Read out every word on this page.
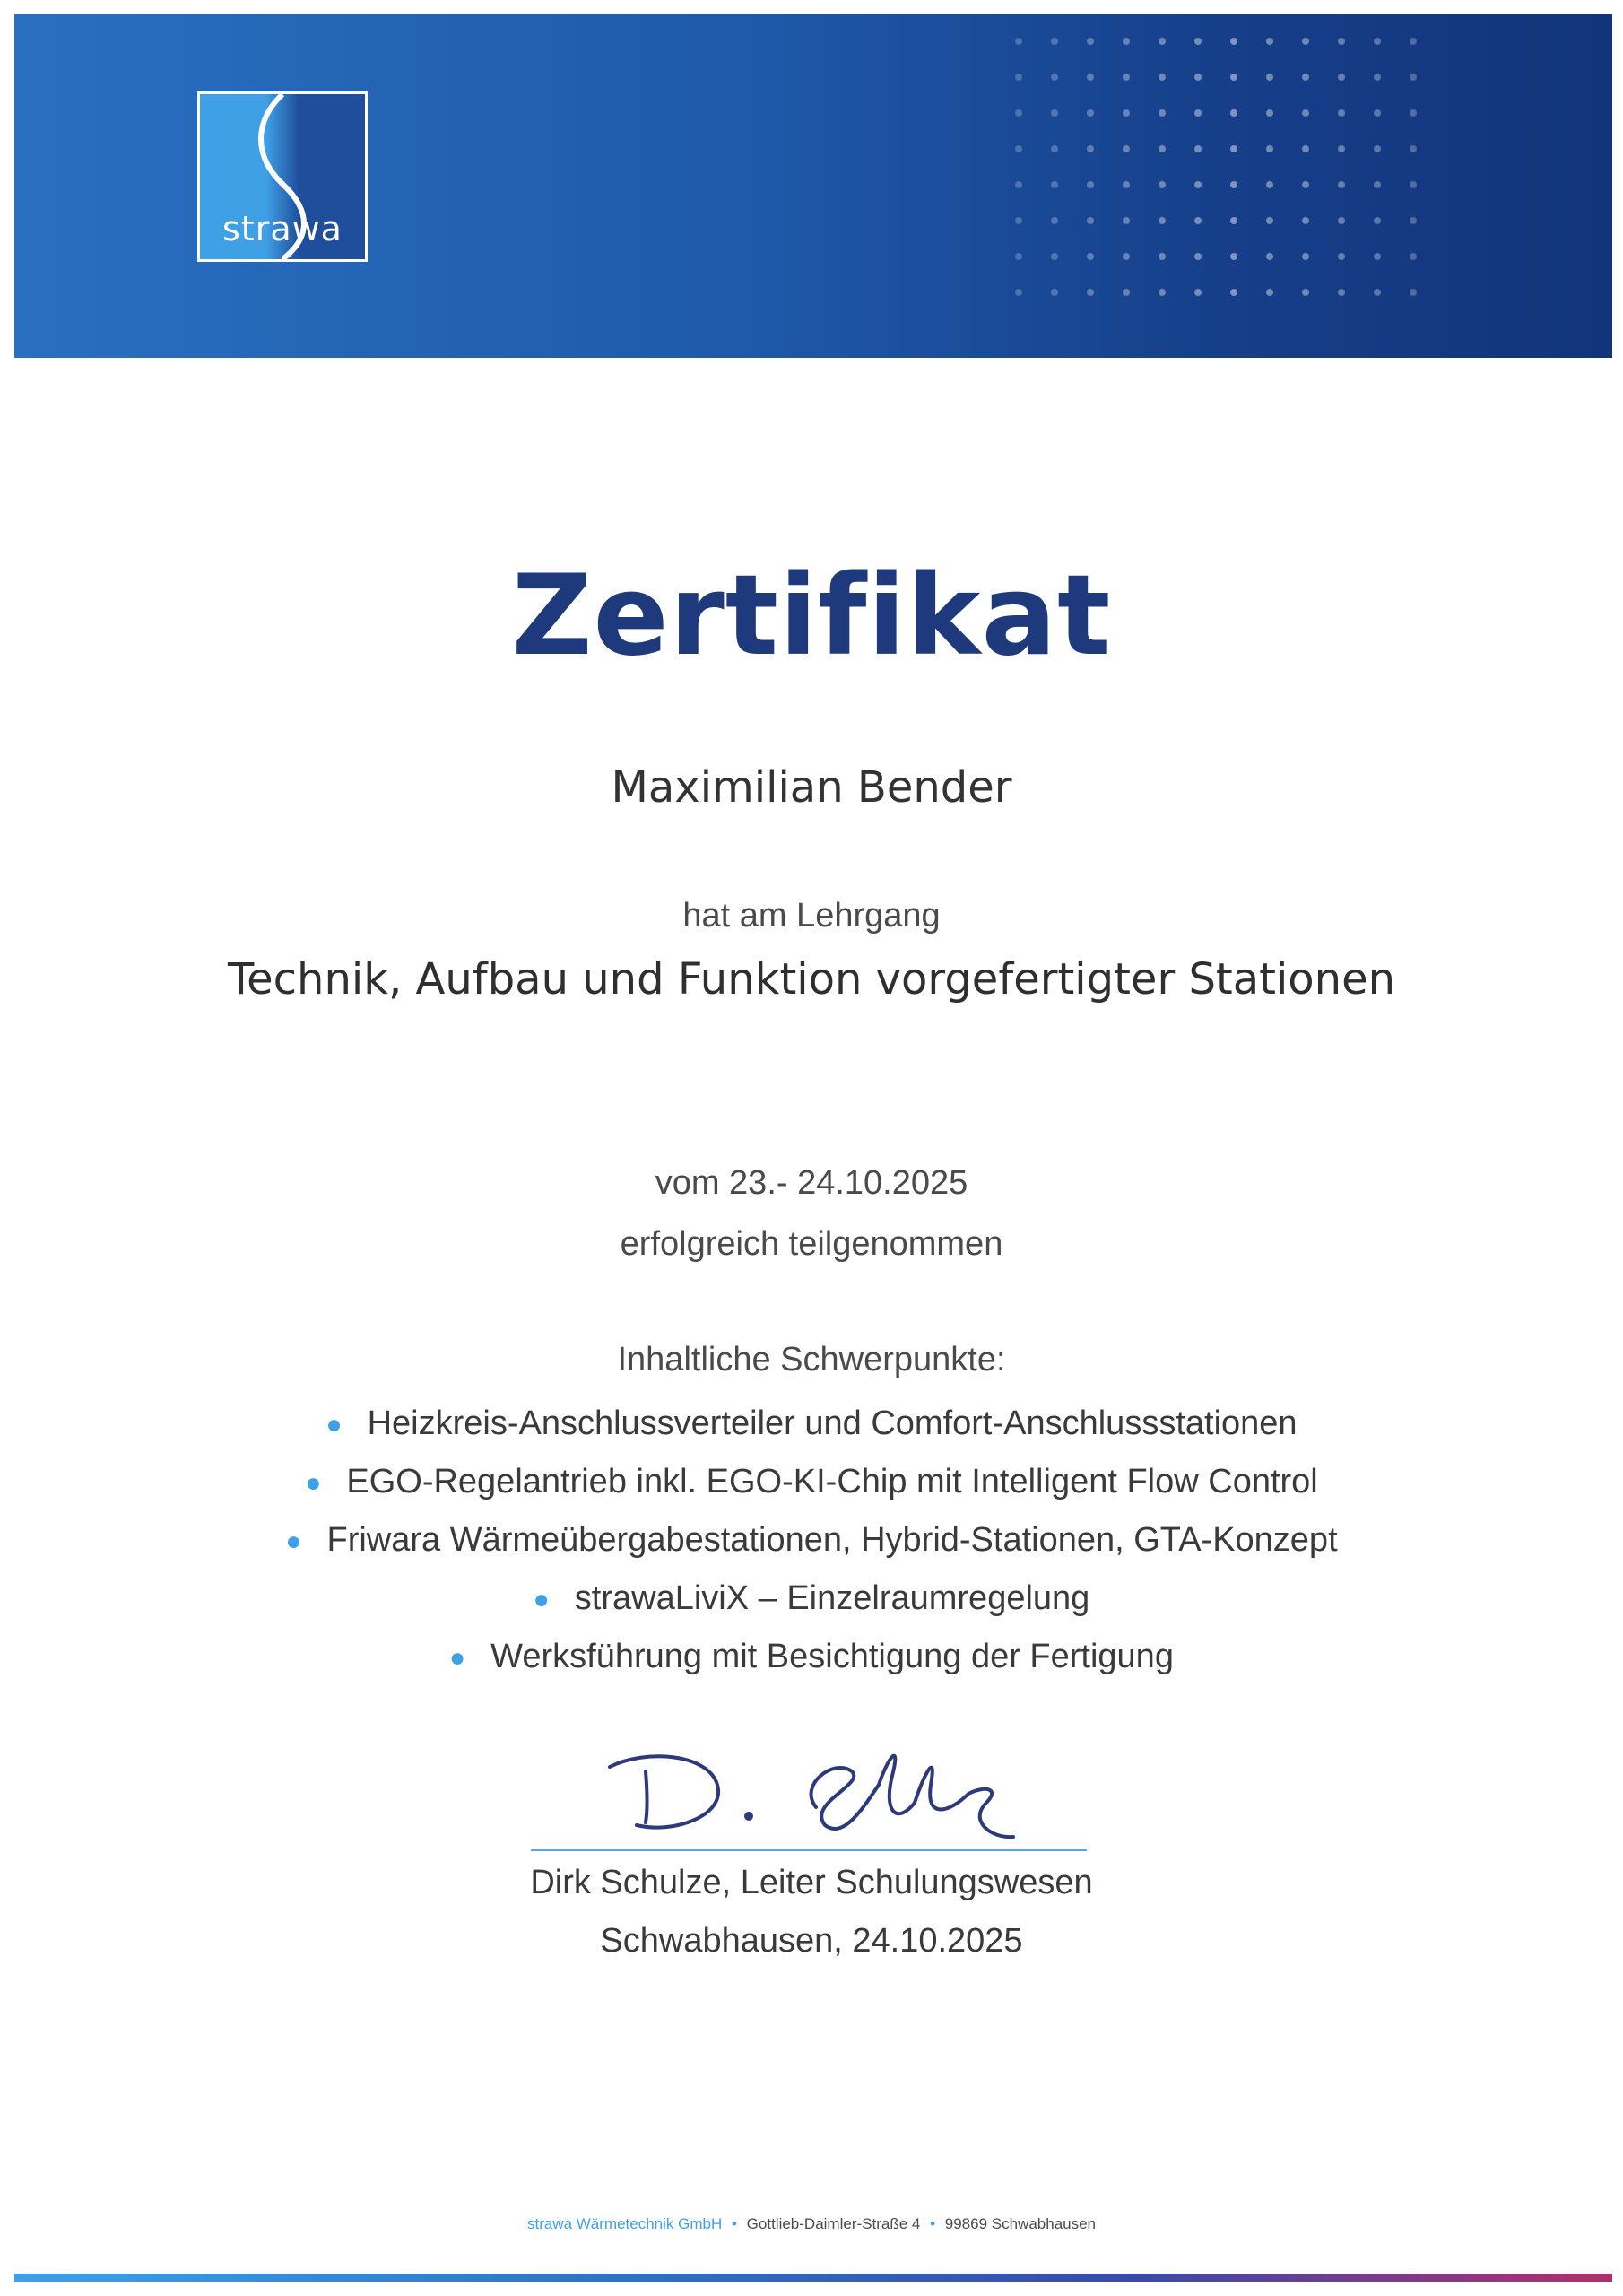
strawa
Zertifikat
Maximilian Bender
hat am Lehrgang
Technik, Aufbau und Funktion vorgefertigter Stationen
vom 23.- 24.10.2025
erfolgreich teilgenommen
Inhaltliche Schwerpunkte:
● Heizkreis-Anschlussverteiler und Comfort-Anschlussstationen
● EGO-Regelantrieb inkl. EGO-KI-Chip mit Intelligent Flow Control
● Friwara Wärmeübergabestationen, Hybrid-Stationen, GTA-Konzept
● strawaLiviX – Einzelraumregelung
● Werksführung mit Besichtigung der Fertigung
Dirk Schulze, Leiter Schulungswesen
Schwabhausen, 24.10.2025
strawa Wärmetechnik GmbH • Gottlieb-Daimler-Straße 4 • 99869 Schwabhausen
